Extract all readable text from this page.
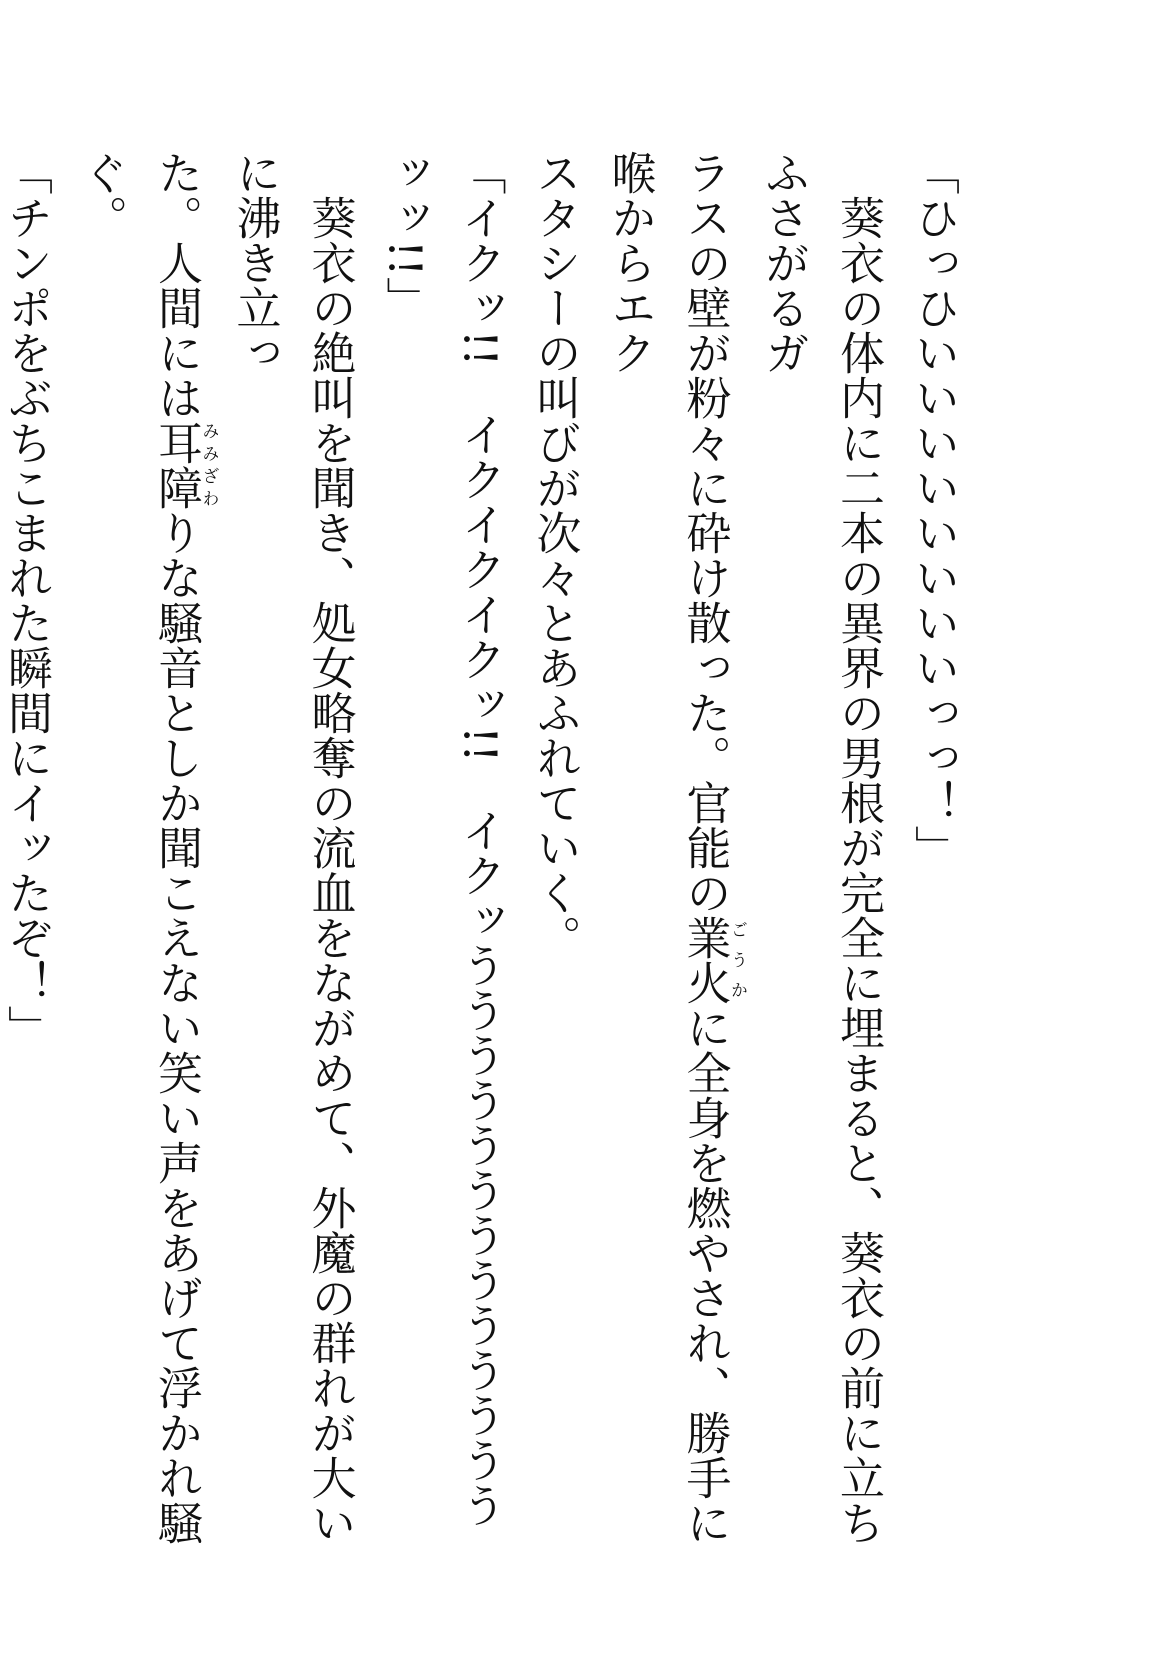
「ひっひいいいいいいいいっっ！」

葵衣の体内に二本の異界の男根が完全に埋まると、葵衣の前に立ちふさがるガ

ラスの壁が粉々に砕け散った。官能の業火ごうかに全身を燃やされ、勝手に喉からエク

スタシーの叫びが次々とあふれていく。

「イクッ!!　イクイクイクッ!!　イクッうううううううううううううッッ!!」

葵衣の絶叫を聞き、処女略奪の流血をながめて、外魔の群れが大いに沸き立っ

た。人間には耳障みみざわりな騒音としか聞こえない笑い声をあげて浮かれ騒ぐ。

「チンポをぶちこまれた瞬間にイッたぞ！」
